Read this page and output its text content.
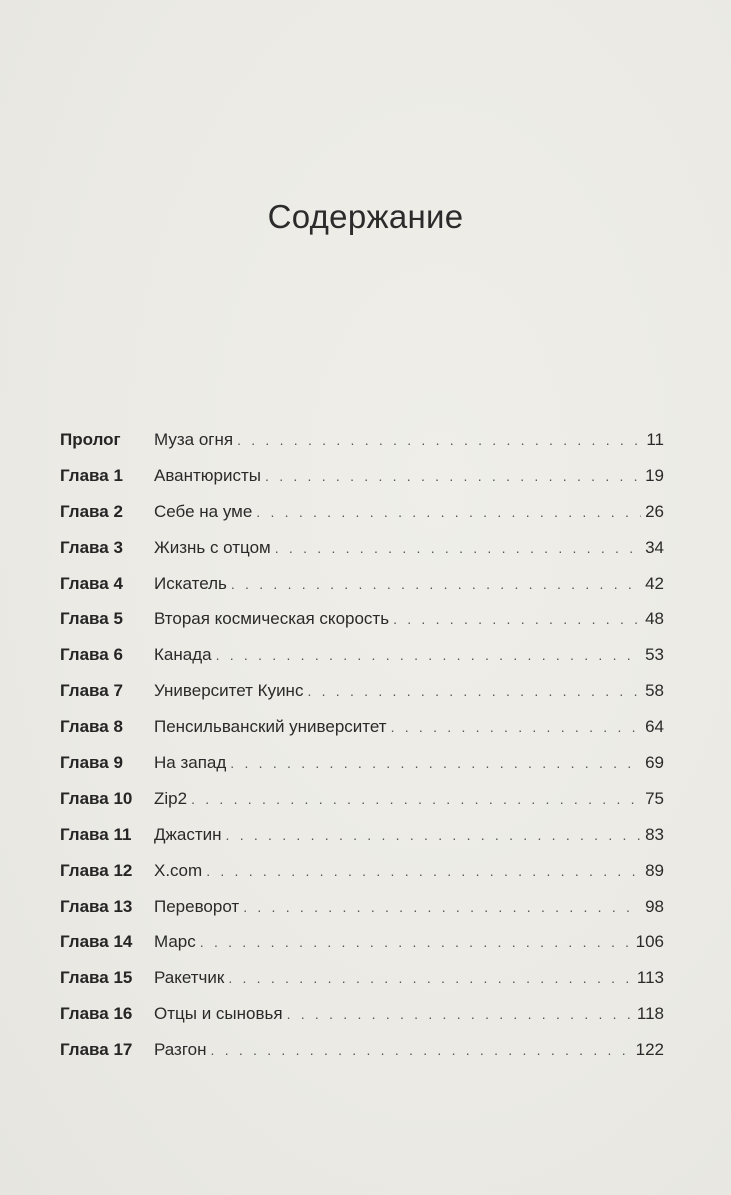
Содержание
Пролог	Муза огня . . .	11
Глава 1	Авантюристы . . .	19
Глава 2	Себе на уме . . .	26
Глава 3	Жизнь с отцом . . .	34
Глава 4	Искатель . . .	42
Глава 5	Вторая космическая скорость . . .	48
Глава 6	Канада . . .	53
Глава 7	Университет Куинс . . .	58
Глава 8	Пенсильванский университет . . .	64
Глава 9	На запад . . .	69
Глава 10	Zip2 . . .	75
Глава 11	Джастин . . .	83
Глава 12	X.com . . .	89
Глава 13	Переворот . . .	98
Глава 14	Марс . . .	106
Глава 15	Ракетчик . . .	113
Глава 16	Отцы и сыновья . . .	118
Глава 17	Разгон . . .	122
